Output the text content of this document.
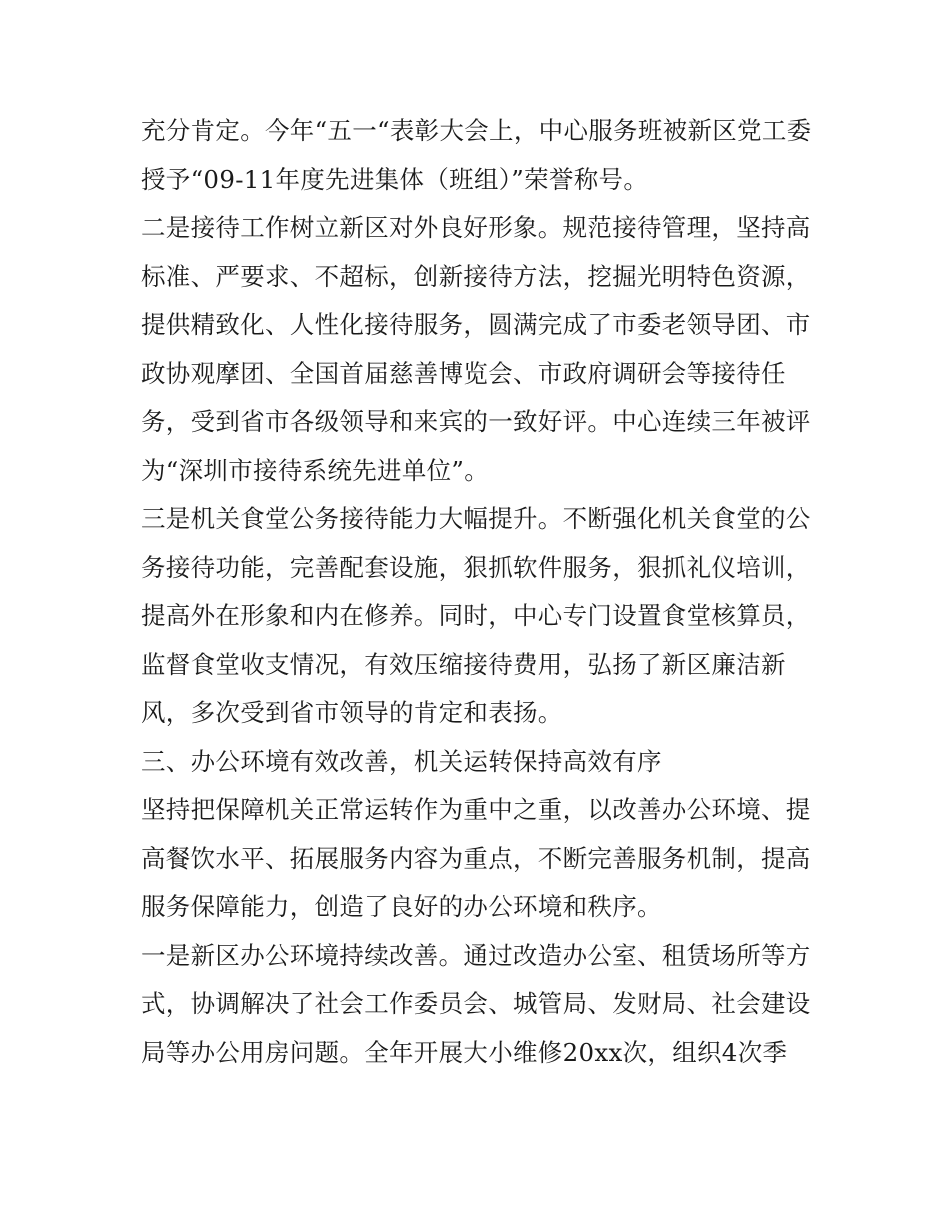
充分肯定。今年“五一“表彰大会上，中心服务班被新区党工委
授予“09-11年度先进集体（班组）”荣誉称号。
二是接待工作树立新区对外良好形象。规范接待管理，坚持高
标准、严要求、不超标，创新接待方法，挖掘光明特色资源，
提供精致化、人性化接待服务，圆满完成了市委老领导团、市
政协观摩团、全国首届慈善博览会、市政府调研会等接待任
务，受到省市各级领导和来宾的一致好评。中心连续三年被评
为“深圳市接待系统先进单位”。
三是机关食堂公务接待能力大幅提升。不断强化机关食堂的公
务接待功能，完善配套设施，狠抓软件服务，狠抓礼仪培训，
提高外在形象和内在修养。同时，中心专门设置食堂核算员，
监督食堂收支情况，有效压缩接待费用，弘扬了新区廉洁新
风，多次受到省市领导的肯定和表扬。
三、办公环境有效改善，机关运转保持高效有序
坚持把保障机关正常运转作为重中之重，以改善办公环境、提
高餐饮水平、拓展服务内容为重点，不断完善服务机制，提高
服务保障能力，创造了良好的办公环境和秩序。
一是新区办公环境持续改善。通过改造办公室、租赁场所等方
式，协调解决了社会工作委员会、城管局、发财局、社会建设
局等办公用房问题。全年开展大小维修20xx次，组织4次季
